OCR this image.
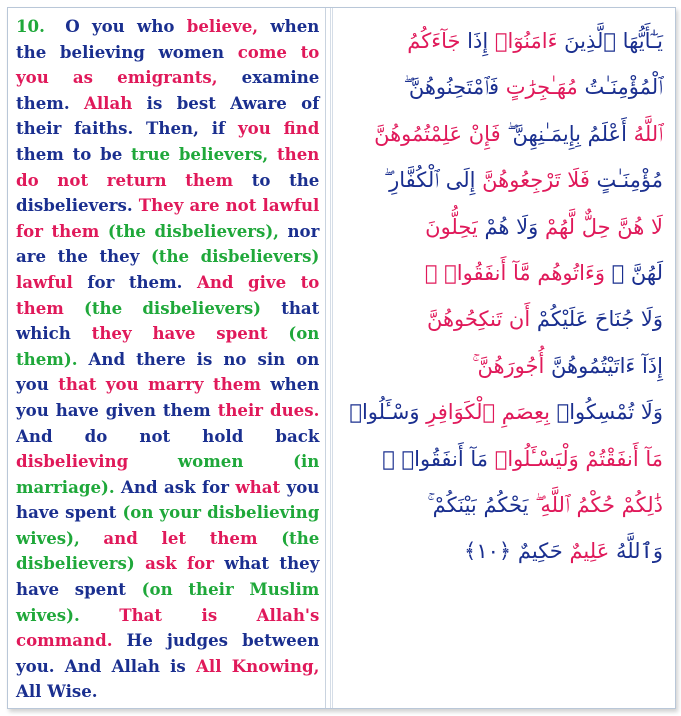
10. O you who believe, when the believing women come to you as emigrants, examine them. Allah is best Aware of their faiths. Then, if you find them to be true believers, then do not return them to the disbelievers. They are not lawful for them (the disbelievers), nor are the they (the disbelievers) lawful for them. And give to them (the disbelievers) that which they have spent (on them). And there is no sin on you that you marry them when you have given them their dues. And do not hold back disbelieving women (in marriage). And ask for what you have spent (on your disbelieving wives), and let them (the disbelievers) ask for what they have spent (on their Muslim wives). That is Allah's command. He judges between you. And Allah is All Knowing, All Wise.

يَـٰٓأَيُّهَا ٱلَّذِينَ ءَامَنُوٓا۟ إِذَا جَآءَكُمُ
ٱلْمُؤْمِنَـٰتُ مُهَـٰجِرَٰتٍ فَٱمْتَحِنُوهُنَّ ۖ
ٱللَّهُ أَعْلَمُ بِإِيمَـٰنِهِنَّ ۖ فَإِنْ عَلِمْتُمُوهُنَّ
مُؤْمِنَـٰتٍ فَلَا تَرْجِعُوهُنَّ إِلَى ٱلْكُفَّارِ ۖ
لَا هُنَّ حِلٌّ لَّهُمْ وَلَا هُمْ يَحِلُّونَ
لَهُنَّ ۖ وَءَاتُوهُم مَّآ أَنفَقُوا۟ ۚ
وَلَا جُنَاحَ عَلَيْكُمْ أَن تَنكِحُوهُنَّ
إِذَآ ءَاتَيْتُمُوهُنَّ أُجُورَهُنَّ ۚ
وَلَا تُمْسِكُوا۟ بِعِصَمِ ٱلْكَوَافِرِ وَسْـَٔلُوا۟
مَآ أَنفَقْتُمْ وَلْيَسْـَٔلُوا۟ مَآ أَنفَقُوا۟ ۚ
ذَٰلِكُمْ حُكْمُ ٱللَّهِ ۖ يَحْكُمُ بَيْنَكُمْ ۚ
وَٱللَّهُ عَلِيمٌ حَكِيمٌ ﴿١٠﴾
